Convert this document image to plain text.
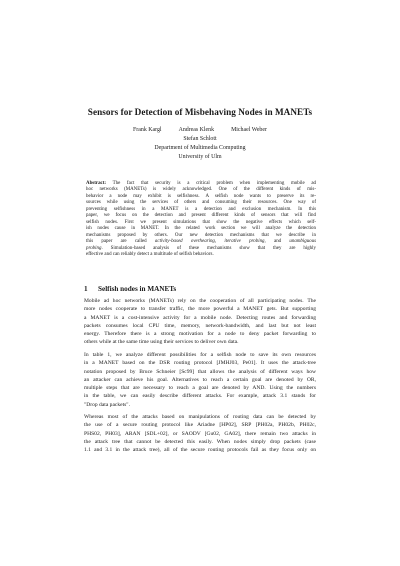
Sensors for Detection of Misbehaving Nodes in MANETs
Frank Kargl	Andreas Klenk	Michael Weber
Stefan Schlott
Department of Multimedia Computing
University of Ulm
Abstract: The fact that security is a critical problem when implementing mobile ad
hoc networks (MANETs) is widely acknowledged. One of the different kinds of mis-
behavior a node may exhibit is selfishness. A selfish node wants to preserve its re-
sources while using the services of others and consuming their resources. One way of
preventing selfishness in a MANET is a detection and exclusion mechanism. In this
paper, we focus on the detection and present different kinds of sensors that will find
selfish nodes. First we present simulations that show the negative effects which self-
ish nodes cause in MANET. In the related work section we will analyze the detection
mechanisms proposed by others. Our new detection mechanisms that we describe in
this paper are called activity-based overhearing, iterative probing, and unambiguous
probing. Simulation-based analysis of these mechanisms show that they are highly
effective and can reliably detect a multitude of selfish behaviors.
1 Selfish nodes in MANETs
Mobile ad hoc networks (MANETs) rely on the cooperation of all participating nodes. The
more nodes cooperate to transfer traffic, the more powerful a MANET gets. But supporting
a MANET is a cost-intensive activity for a mobile node. Detecting routes and forwarding
packets consumes local CPU time, memory, network-bandwidth, and last but not least
energy. Therefore there is a strong motivation for a node to deny packet forwarding to
others while at the same time using their services to deliver own data.
In table 1, we analyze different possibilities for a selfish node to save its own resources
in a MANET based on the DSR routing protocol [JMHJ03, Pe01]. It uses the attack-tree
notation proposed by Bruce Schneier [Sc99] that allows the analysis of different ways how
an attacker can achieve his goal. Alternatives to reach a certain goal are denoted by OR,
multiple steps that are necessary to reach a goal are denoted by AND. Using the numbers
in the table, we can easily describe different attacks. For example, attack 3.1 stands for
"Drop data packets".
Whereas most of the attacks based on manipulations of routing data can be detected by
the use of a secure routing protocol like Ariadne [HP02], SRP [PH02a, PH02b, PH02c,
PHS02, PH03], ARAN [SDL+02], or SAODV [Gu02, GA02], there remain two attacks in
the attack tree that cannot be detected this easily. When nodes simply drop packets (case
1.1 and 3.1 in the attack tree), all of the secure routing protocols fail as they focus only on
